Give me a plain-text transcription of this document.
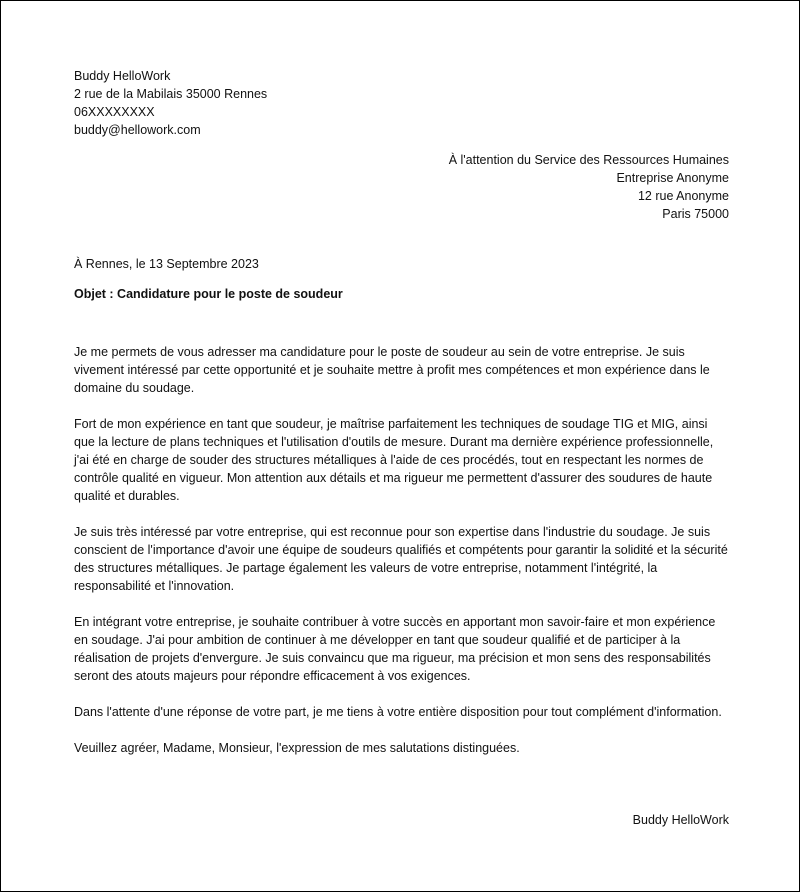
Buddy HelloWork
2 rue de la Mabilais 35000 Rennes
06XXXXXXXX
buddy@hellowork.com
À l'attention du Service des Ressources Humaines
Entreprise Anonyme
12 rue Anonyme
Paris 75000
À Rennes, le 13 Septembre 2023
Objet : Candidature pour le poste de soudeur

Je me permets de vous adresser ma candidature pour le poste de soudeur au sein de votre entreprise. Je suis vivement intéressé par cette opportunité et je souhaite mettre à profit mes compétences et mon expérience dans le domaine du soudage.

Fort de mon expérience en tant que soudeur, je maîtrise parfaitement les techniques de soudage TIG et MIG, ainsi que la lecture de plans techniques et l'utilisation d'outils de mesure. Durant ma dernière expérience professionnelle, j'ai été en charge de souder des structures métalliques à l'aide de ces procédés, tout en respectant les normes de contrôle qualité en vigueur. Mon attention aux détails et ma rigueur me permettent d'assurer des soudures de haute qualité et durables.

Je suis très intéressé par votre entreprise, qui est reconnue pour son expertise dans l'industrie du soudage. Je suis conscient de l'importance d'avoir une équipe de soudeurs qualifiés et compétents pour garantir la solidité et la sécurité des structures métalliques. Je partage également les valeurs de votre entreprise, notamment l'intégrité, la responsabilité et l'innovation.

En intégrant votre entreprise, je souhaite contribuer à votre succès en apportant mon savoir-faire et mon expérience en soudage. J'ai pour ambition de continuer à me développer en tant que soudeur qualifié et de participer à la réalisation de projets d'envergure. Je suis convaincu que ma rigueur, ma précision et mon sens des responsabilités seront des atouts majeurs pour répondre efficacement à vos exigences.

Dans l'attente d'une réponse de votre part, je me tiens à votre entière disposition pour tout complément d'information.

Veuillez agréer, Madame, Monsieur, l'expression de mes salutations distinguées.

Buddy HelloWork
